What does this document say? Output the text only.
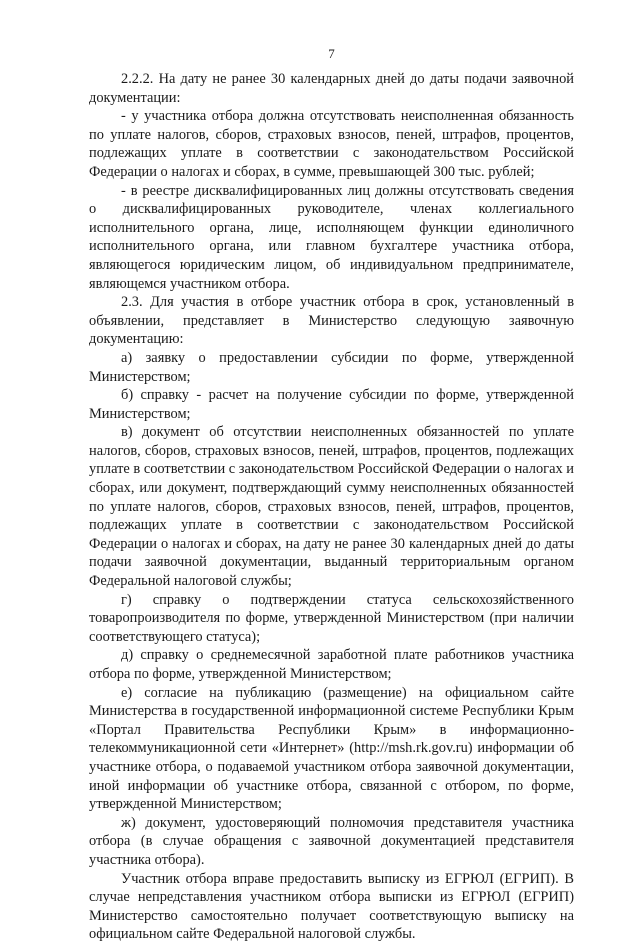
7

2.2.2. На дату не ранее 30 календарных дней до даты подачи заявочной документации:

- у участника отбора должна отсутствовать неисполненная обязанность по уплате налогов, сборов, страховых взносов, пеней, штрафов, процентов, подлежащих уплате в соответствии с законодательством Российской Федерации о налогах и сборах, в сумме, превышающей 300 тыс. рублей;

- в реестре дисквалифицированных лиц должны отсутствовать сведения о дисквалифицированных руководителе, членах коллегиального исполнительного органа, лице, исполняющем функции единоличного исполнительного органа, или главном бухгалтере участника отбора, являющегося юридическим лицом, об индивидуальном предпринимателе, являющемся участником отбора.

2.3. Для участия в отборе участник отбора в срок, установленный в объявлении, представляет в Министерство следующую заявочную документацию:

а) заявку о предоставлении субсидии по форме, утвержденной Министерством;

б) справку - расчет на получение субсидии по форме, утвержденной Министерством;

в) документ об отсутствии неисполненных обязанностей по уплате налогов, сборов, страховых взносов, пеней, штрафов, процентов, подлежащих уплате в соответствии с законодательством Российской Федерации о налогах и сборах, или документ, подтверждающий сумму неисполненных обязанностей по уплате налогов, сборов, страховых взносов, пеней, штрафов, процентов, подлежащих уплате в соответствии с законодательством Российской Федерации о налогах и сборах, на дату не ранее 30 календарных дней до даты подачи заявочной документации, выданный территориальным органом Федеральной налоговой службы;

г) справку о подтверждении статуса сельскохозяйственного товаропроизводителя по форме, утвержденной Министерством (при наличии соответствующего статуса);

д) справку о среднемесячной заработной плате работников участника отбора по форме, утвержденной Министерством;

е) согласие на публикацию (размещение) на официальном сайте Министерства в государственной информационной системе Республики Крым «Портал Правительства Республики Крым» в информационно-телекоммуникационной сети «Интернет» (http://msh.rk.gov.ru) информации об участнике отбора, о подаваемой участником отбора заявочной документации, иной информации об участнике отбора, связанной с отбором, по форме, утвержденной Министерством;

ж) документ, удостоверяющий полномочия представителя участника отбора (в случае обращения с заявочной документацией представителя участника отбора).

Участник отбора вправе предоставить выписку из ЕГРЮЛ (ЕГРИП). В случае непредставления участником отбора выписки из ЕГРЮЛ (ЕГРИП) Министерство самостоятельно получает соответствующую выписку на официальном сайте Федеральной налоговой службы.
